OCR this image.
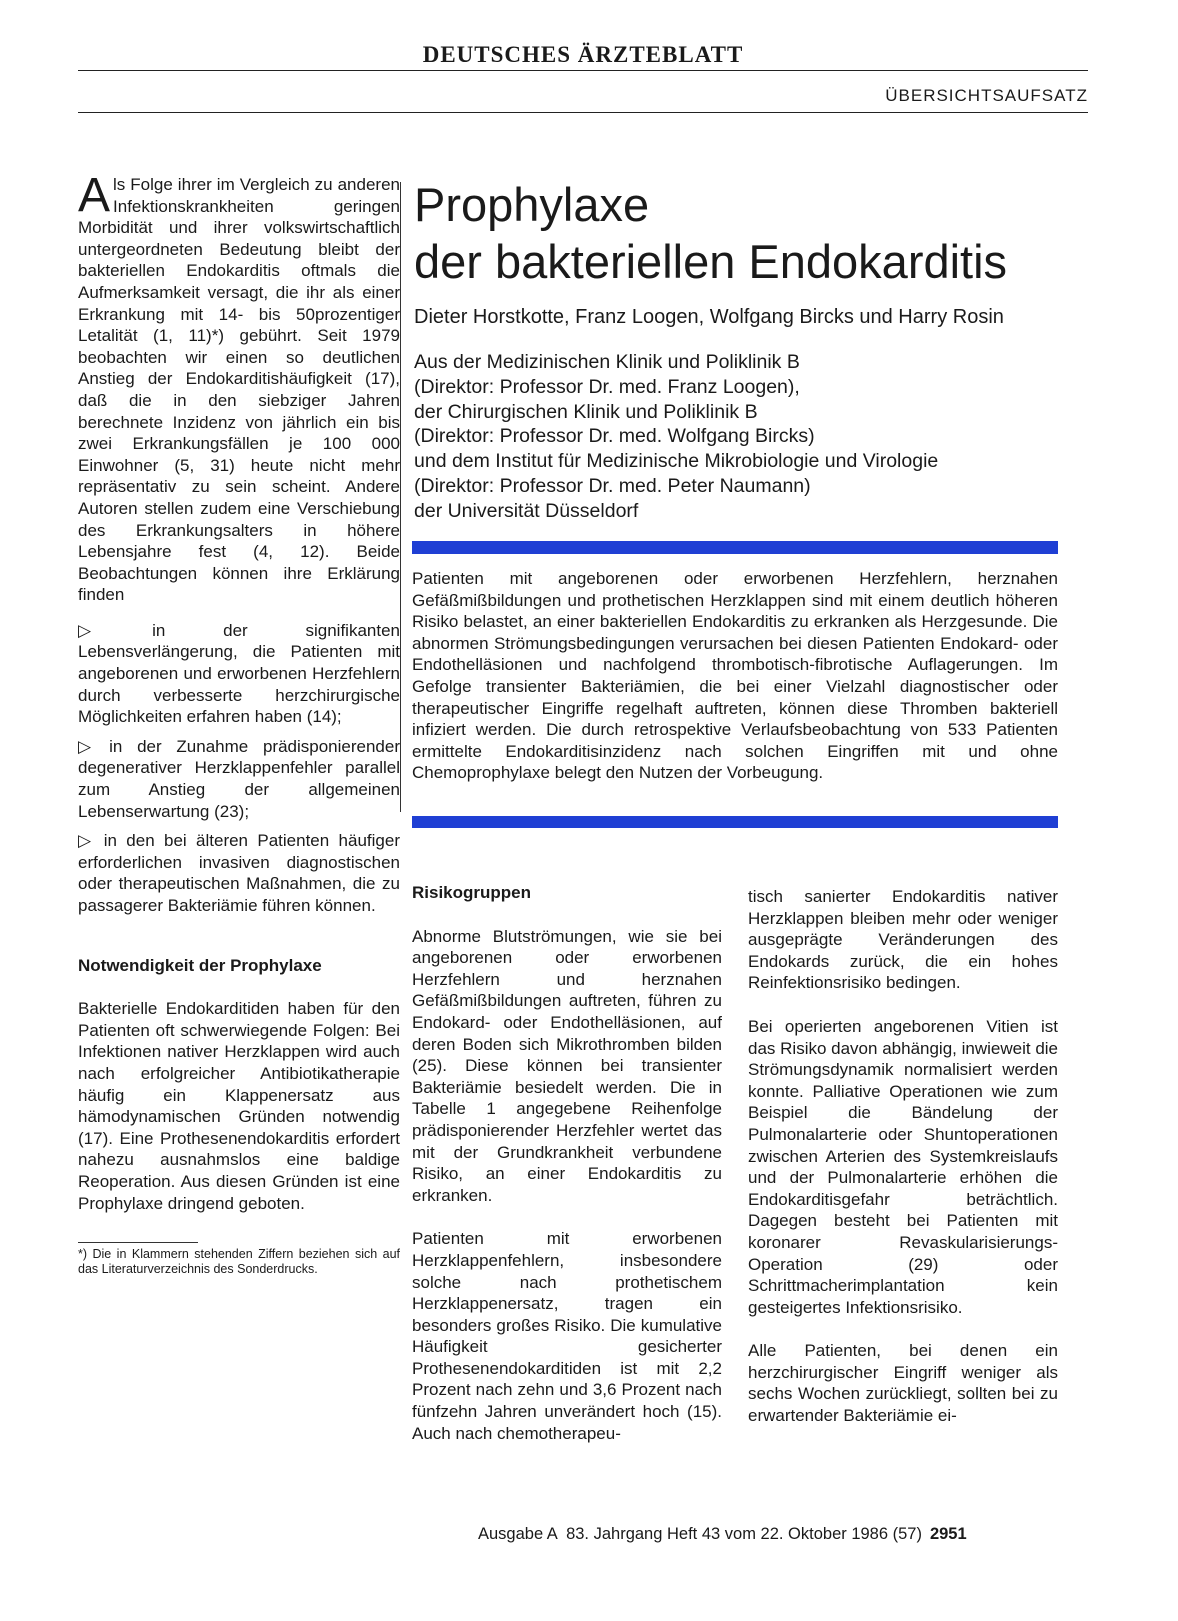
DEUTSCHES ÄRZTEBLATT
ÜBERSICHTSAUFSATZ

Als Folge ihrer im Vergleich zu anderen Infektionskrankheiten geringen Morbidität und ihrer volkswirtschaftlich untergeordneten Bedeutung bleibt der bakteriellen Endokarditis oftmals die Aufmerksamkeit versagt, die ihr als einer Erkrankung mit 14- bis 50prozentiger Letalität (1, 11)*) gebührt. Seit 1979 beobachten wir einen so deutlichen Anstieg der Endokarditishäufigkeit (17), daß die in den siebziger Jahren berechnete Inzidenz von jährlich ein bis zwei Erkrankungsfällen je 100 000 Einwohner (5, 31) heute nicht mehr repräsentativ zu sein scheint. Andere Autoren stellen zudem eine Verschiebung des Erkrankungsalters in höhere Lebensjahre fest (4, 12). Beide Beobachtungen können ihre Erklärung finden

▷ in der signifikanten Lebensverlängerung, die Patienten mit angeborenen und erworbenen Herzfehlern durch verbesserte herzchirurgische Möglichkeiten erfahren haben (14);

▷ in der Zunahme prädisponierender degenerativer Herzklappenfehler parallel zum Anstieg der allgemeinen Lebenserwartung (23);

▷ in den bei älteren Patienten häufiger erforderlichen invasiven diagnostischen oder therapeutischen Maßnahmen, die zu passagerer Bakteriämie führen können.

Notwendigkeit der Prophylaxe

Bakterielle Endokarditiden haben für den Patienten oft schwerwiegende Folgen: Bei Infektionen nativer Herzklappen wird auch nach erfolgreicher Antibiotikatherapie häufig ein Klappenersatz aus hämodynamischen Gründen notwendig (17). Eine Prothesenendokarditis erfordert nahezu ausnahmslos eine baldige Reoperation. Aus diesen Gründen ist eine Prophylaxe dringend geboten.

*) Die in Klammern stehenden Ziffern beziehen sich auf das Literaturverzeichnis des Sonderdrucks.

Prophylaxe
der bakteriellen Endokarditis
Dieter Horstkotte, Franz Loogen, Wolfgang Bircks und Harry Rosin
Aus der Medizinischen Klinik und Poliklinik B
(Direktor: Professor Dr. med. Franz Loogen),
der Chirurgischen Klinik und Poliklinik B
(Direktor: Professor Dr. med. Wolfgang Bircks)
und dem Institut für Medizinische Mikrobiologie und Virologie
(Direktor: Professor Dr. med. Peter Naumann)
der Universität Düsseldorf
Patienten mit angeborenen oder erworbenen Herzfehlern, herznahen Gefäßmißbildungen und prothetischen Herzklappen sind mit einem deutlich höheren Risiko belastet, an einer bakteriellen Endokarditis zu erkranken als Herzgesunde. Die abnormen Strömungsbedingungen verursachen bei diesen Patienten Endokard- oder Endothelläsionen und nachfolgend thrombotisch-fibrotische Auflagerungen. Im Gefolge transienter Bakteriämien, die bei einer Vielzahl diagnostischer oder therapeutischer Eingriffe regelhaft auftreten, können diese Thromben bakteriell infiziert werden. Die durch retrospektive Verlaufsbeobachtung von 533 Patienten ermittelte Endokarditisinzidenz nach solchen Eingriffen mit und ohne Chemoprophylaxe belegt den Nutzen der Vorbeugung.

Risikogruppen

Abnorme Blutströmungen, wie sie bei angeborenen oder erworbenen Herzfehlern und herznahen Gefäßmißbildungen auftreten, führen zu Endokard- oder Endothelläsionen, auf deren Boden sich Mikrothromben bilden (25). Diese können bei transienter Bakteriämie besiedelt werden. Die in Tabelle 1 angegebene Reihenfolge prädisponierender Herzfehler wertet das mit der Grundkrankheit verbundene Risiko, an einer Endokarditis zu erkranken.

Patienten mit erworbenen Herzklappenfehlern, insbesondere solche nach prothetischem Herzklappenersatz, tragen ein besonders großes Risiko. Die kumulative Häufigkeit gesicherter Prothesenendokarditiden ist mit 2,2 Prozent nach zehn und 3,6 Prozent nach fünfzehn Jahren unverändert hoch (15). Auch nach chemotherapeu-

tisch sanierter Endokarditis nativer Herzklappen bleiben mehr oder weniger ausgeprägte Veränderungen des Endokards zurück, die ein hohes Reinfektionsrisiko bedingen.

Bei operierten angeborenen Vitien ist das Risiko davon abhängig, inwieweit die Strömungsdynamik normalisiert werden konnte. Palliative Operationen wie zum Beispiel die Bändelung der Pulmonalarterie oder Shuntoperationen zwischen Arterien des Systemkreislaufs und der Pulmonalarterie erhöhen die Endokarditisgefahr beträchtlich. Dagegen besteht bei Patienten mit koronarer Revaskularisierungs-Operation (29) oder Schrittmacherimplantation kein gesteigertes Infektionsrisiko.

Alle Patienten, bei denen ein herzchirurgischer Eingriff weniger als sechs Wochen zurückliegt, sollten bei zu erwartender Bakteriämie ei-

Ausgabe A  83. Jahrgang Heft 43 vom 22. Oktober 1986 (57) 2951
